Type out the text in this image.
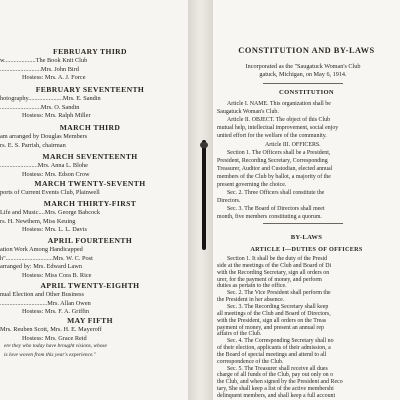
FEBRUARY THIRD
w....................The Book Knit Club
..........................Mrs. John Bird
Hostess: Mrs. A. J. Force
FEBRUARY SEVENTEENTH
hotography......................Mrs. E. Sandin
..........................Mrs. O. Sandin
Hostess: Mrs. Ralph Miller
MARCH THIRD
am arranged by Douglas Members
rs. E. S. Parrish, chairman
MARCH SEVENTEENTH
........................Mrs. Anna L. Blohe
Hostess: Mrs. Edson Crow
MARCH TWENTY-SEVENTH
ports of Current Events Club, Plainwell
MARCH THIRTY-FIRST
Life and Music....Mrs. George Babcock
rs. H. Newthem, Miss Keuing
Hostess: Mrs. L. L. Davis
APRIL FOURTEENTH
ation Work Among Handicapped
h"..............................Mrs. W. C. Post
arranged by: Mrs. Edward Lawn
Hostess: Miss Cora B. Rice
APRIL TWENTY-EIGHTH
nual Election and Other Business
..............................Mrs. Allan Owen
Hostess: Mrs. F. A. Griffin
MAY FIFTH
Mrs. Reuben Scott, Mrs. H. E. Mayeroff
Hostess: Mrs. Grace Reid
ere they who today have brought visions, whose
is love woven from this year's experience."
CONSTITUTION AND BY-LAWS
Incorporated as the "Saugatuck Woman's Club
gatuck, Michigan, on May 6, 1914.
CONSTITUTION
Article I. NAME. This organization shall be
Saugatuck Woman's Club.
Article II. OBJECT. The object of this Club
mutual help, intellectual improvement, social enjoy
united effort for the welfare of the community.
Article III. OFFICERS.
Section 1. The Officers shall be a President,
President, Recording Secretary, Corresponding
Treasurer, Auditor and Custodian, elected annual
members of the Club by ballot, a majority of the
present governing the choice.
Sec. 2. Three Officers shall constitute the
Directors.
Sec. 3. The Board of Directors shall meet
month, five members constituting a quorum.
BY-LAWS
ARTICLE I—DUTIES OF OFFICERS
Section 1. It shall be the duty of the Presid
side at the meetings of the Club and Board of Di
with the Recording Secretary, sign all orders on
urer, for the payment of money, and perform
duties as pertain to the office.
Sec. 2. The Vice President shall perform the
the President in her absence.
Sec. 3. The Recording Secretary shall keep
all meetings of the Club and Board of Directors,
with the President, sign all orders on the Treas
payment of money, and present an annual rep
affairs of the Club.
Sec. 4. The Corresponding Secretary shall no
of their election, applicants of their admission, a
the Board of special meetings and attend to all
correspondence of the Club.
Sec. 5. The Treasurer shall receive all dues
charge of all funds of the Club, pay out only on o
the Club, and when signed by the President and Reco
tary, She shall keep a list of the active membershi
delinquent members, and shall keep a full account
